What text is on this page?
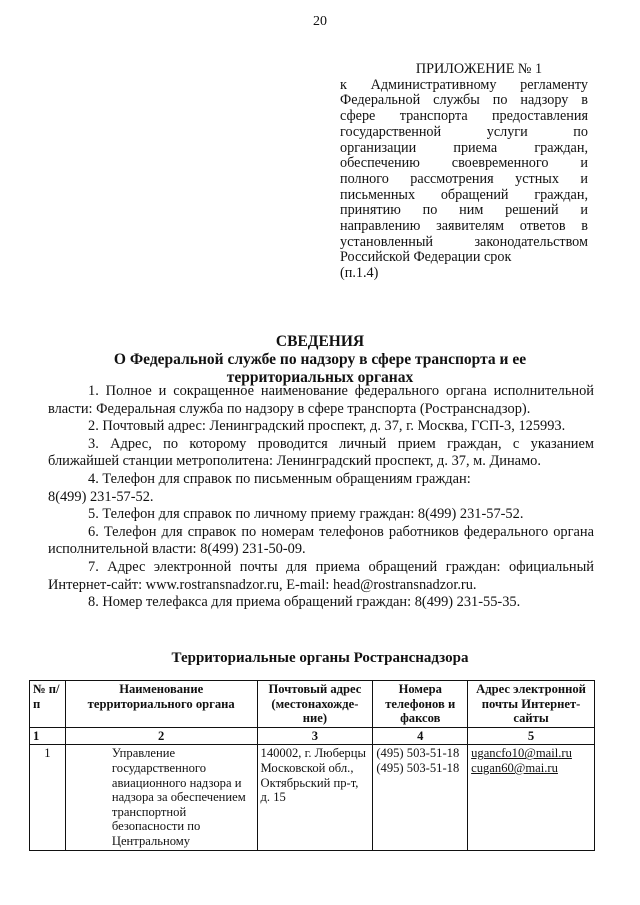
20
ПРИЛОЖЕНИЕ № 1
к Административному регламенту
Федеральной службы по надзору в
сфере транспорта предоставления
государственной услуги по
организации приема граждан,
обеспечению своевременного и
полного рассмотрения устных и
письменных обращений граждан,
принятию по ним решений и
направлению заявителям ответов в
установленный законодательством
Российской Федерации срок
(п.1.4)
СВЕДЕНИЯ
О Федеральной службе по надзору в сфере транспорта и ее
территориальных органах

1. Полное и сокращенное наименование федерального органа исполнительной власти: Федеральная служба по надзору в сфере транспорта (Ространснадзор).

2. Почтовый адрес: Ленинградский проспект, д. 37, г. Москва, ГСП-3, 125993.

3. Адрес, по которому проводится личный прием граждан, с указанием ближайшей станции метрополитена: Ленинградский проспект, д. 37, м. Динамо.

4. Телефон для справок по письменным обращениям граждан:

8(499) 231-57-52.

5. Телефон для справок по личному приему граждан: 8(499) 231-57-52.

6. Телефон для справок по номерам телефонов работников федерального органа исполнительной власти: 8(499) 231-50-09.

7. Адрес электронной почты для приема обращений граждан: официальный Интернет-сайт: www.rostransnadzor.ru, E-mail: head@rostransnadzor.ru.

8. Номер телефакса для приема обращений граждан: 8(499) 231-55-35.

Территориальные органы Ространснадзора
№ п/ п	Наименование территориального органа	Почтовый адрес (местонахожде- ние)	Номера телефонов и факсов	Адрес электронной почты Интернет-сайты
1	2	3	4	5
1	Управление государственного авиационного надзора и надзора за обеспечением транспортной безопасности по Центральному	140002, г. Люберцы Московской обл., Октябрьский пр-т, д. 15	(495) 503-51-18 (495) 503-51-18	ugancfo10@mail.ru
cugan60@mai.ru
